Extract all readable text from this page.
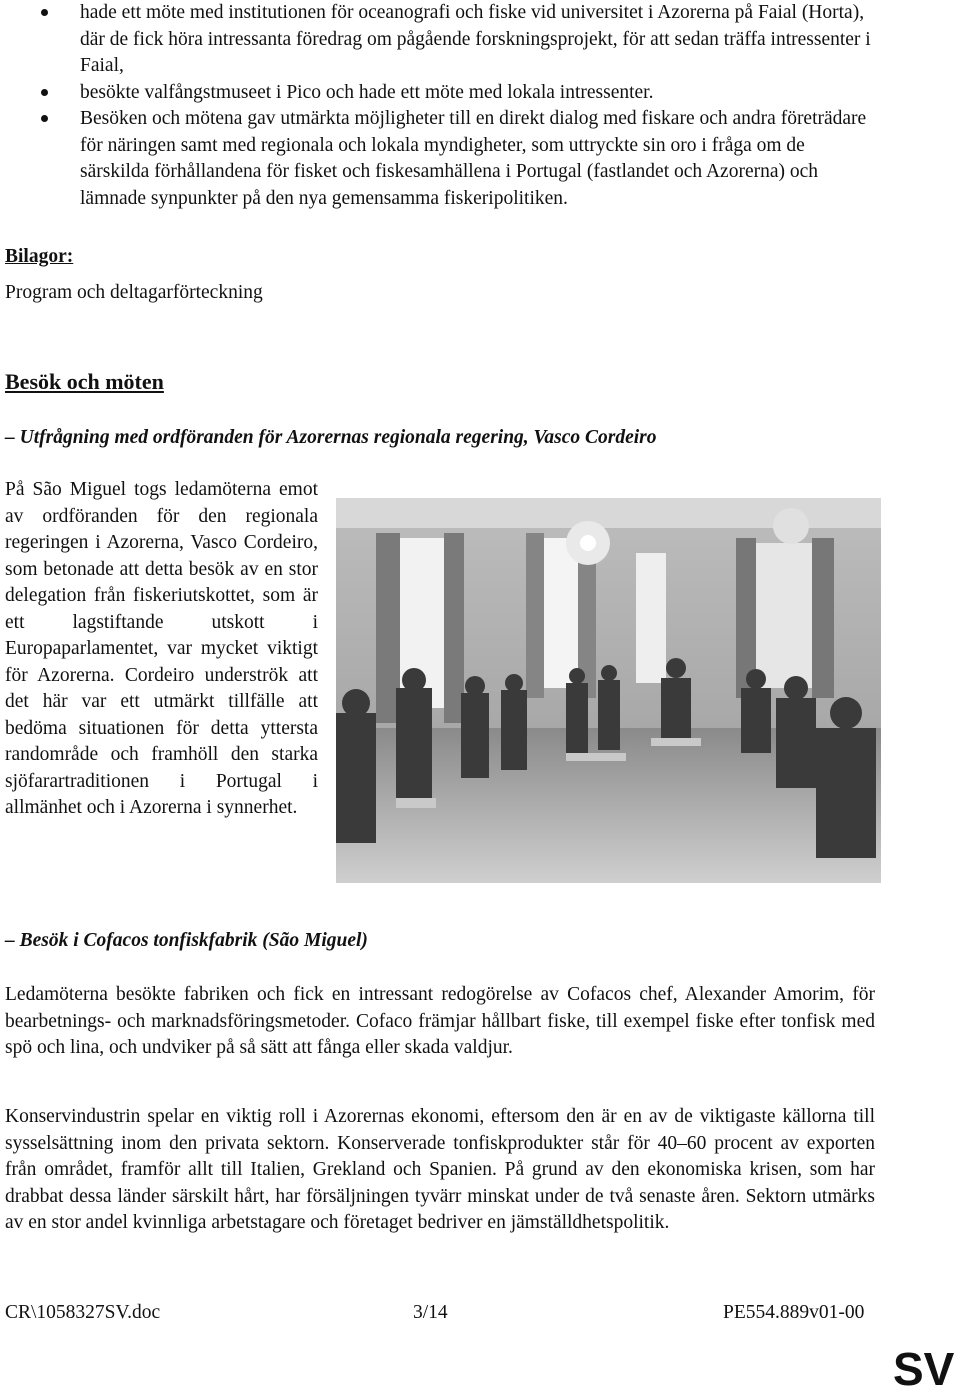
hade ett möte med institutionen för oceanografi och fiske vid universitet i Azorerna på Faial (Horta), där de fick höra intressanta föredrag om pågående forskningsprojekt, för att sedan träffa intressenter i Faial,
besökte valfångstmuseet i Pico och hade ett möte med lokala intressenter.
Besöken och mötena gav utmärkta möjligheter till en direkt dialog med fiskare och andra företrädare för näringen samt med regionala och lokala myndigheter, som uttryckte sin oro i fråga om de särskilda förhållandena för fisket och fiskesamhällena i Portugal (fastlandet och Azorerna) och lämnade synpunkter på den nya gemensamma fiskeripolitiken.
Bilagor:
Program och deltagarförteckning
Besök och möten
– Utfrågning med ordföranden för Azorernas regionala regering, Vasco Cordeiro
På São Miguel togs ledamöterna emot av ordföranden för den regionala regeringen i Azorerna, Vasco Cordeiro, som betonade att detta besök av en stor delegation från fiskeriutskottet, som är ett lagstiftande utskott i Europaparlamentet, var mycket viktigt för Azorerna. Cordeiro underströk att det här var ett utmärkt tillfälle att bedöma situationen för detta yttersta randområde och framhöll den starka sjöfarartraditionen i Portugal i allmänhet och i Azorerna i synnerhet.
– Besök i Cofacos tonfiskfabrik (São Miguel)
Ledamöterna besökte fabriken och fick en intressant redogörelse av Cofacos chef, Alexander Amorim, för bearbetnings- och marknadsföringsmetoder. Cofaco främjar hållbart fiske, till exempel fiske efter tonfisk med spö och lina, och undviker på så sätt att fånga eller skada valdjur.
Konservindustrin spelar en viktig roll i Azorernas ekonomi, eftersom den är en av de viktigaste källorna till sysselsättning inom den privata sektorn. Konserverade tonfiskprodukter står för 40–60 procent av exporten från området, framför allt till Italien, Grekland och Spanien. På grund av den ekonomiska krisen, som har drabbat dessa länder särskilt hårt, har försäljningen tyvärr minskat under de två senaste åren. Sektorn utmärks av en stor andel kvinnliga arbetstagare och företaget bedriver en jämställdhetspolitik.
CR\1058327SV.doc	3/14	PE554.889v01-00
SV
